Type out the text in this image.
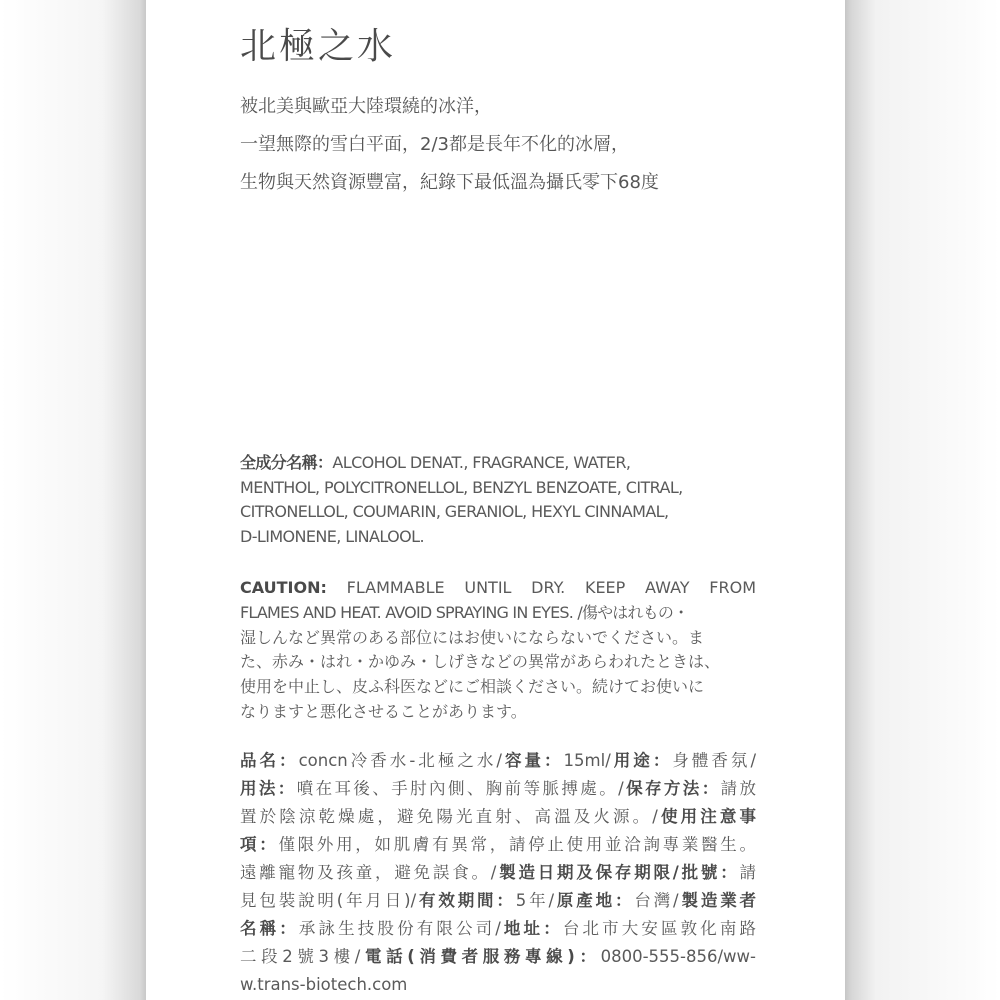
北極之水

被北美與歐亞大陸環繞的冰洋，

一望無際的雪白平面，2/3都是長年不化的冰層，

生物與天然資源豐富，紀錄下最低溫為攝氏零下68度

全成分名稱：ALCOHOL DENAT., FRAGRANCE, WATER,

MENTHOL, POLYCITRONELLOL, BENZYL BENZOATE, CITRAL,

CITRONELLOL, COUMARIN, GERANIOL, HEXYL CINNAMAL,

D-LIMONENE, LINALOOL.

CAUTION: FLAMMABLE UNTIL DRY. KEEP AWAY FROM

FLAMES AND HEAT. AVOID SPRAYING IN EYES. /傷やはれもの・

湿しんなど異常のある部位にはお使いにならないでください。ま

た、赤み・はれ・かゆみ・しげきなどの異常があらわれたときは、

使用を中止し、皮ふ科医などにご相談ください。続けてお使いに

なりますと悪化させることがあります。

品名：concn冷香水-北極之水/容量：15ml/用途：身體香氛/

用法：噴在耳後、手肘內側、胸前等脈搏處。/保存方法：請放

置於陰涼乾燥處，避免陽光直射、高溫及火源。/使用注意事

項：僅限外用，如肌膚有異常，請停止使用並洽詢專業醫生。

遠離寵物及孩童，避免誤食。/製造日期及保存期限/批號：請

見包裝說明(年月日)/有效期間：5年/原產地：台灣/製造業者

名稱：承詠生技股份有限公司/地址：台北市大安區敦化南路

二段2號3樓/電話(消費者服務專線)：0800-555-856/ww-

w.trans-biotech.com
